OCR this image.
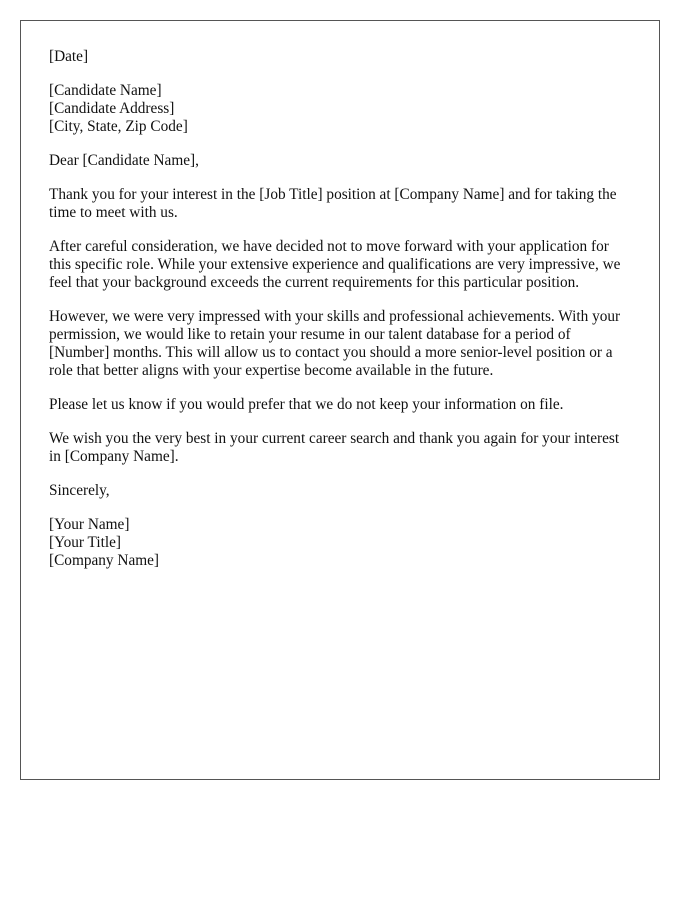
[Date]
[Candidate Name]
[Candidate Address]
[City, State, Zip Code]

Dear [Candidate Name],

Thank you for your interest in the [Job Title] position at [Company Name] and for taking the time to meet with us.

After careful consideration, we have decided not to move forward with your application for this specific role. While your extensive experience and qualifications are very impressive, we feel that your background exceeds the current requirements for this particular position.

However, we were very impressed with your skills and professional achievements. With your permission, we would like to retain your resume in our talent database for a period of [Number] months. This will allow us to contact you should a more senior-level position or a role that better aligns with your expertise become available in the future.

Please let us know if you would prefer that we do not keep your information on file.

We wish you the very best in your current career search and thank you again for your interest in [Company Name].

Sincerely,

[Your Name]
[Your Title]
[Company Name]
